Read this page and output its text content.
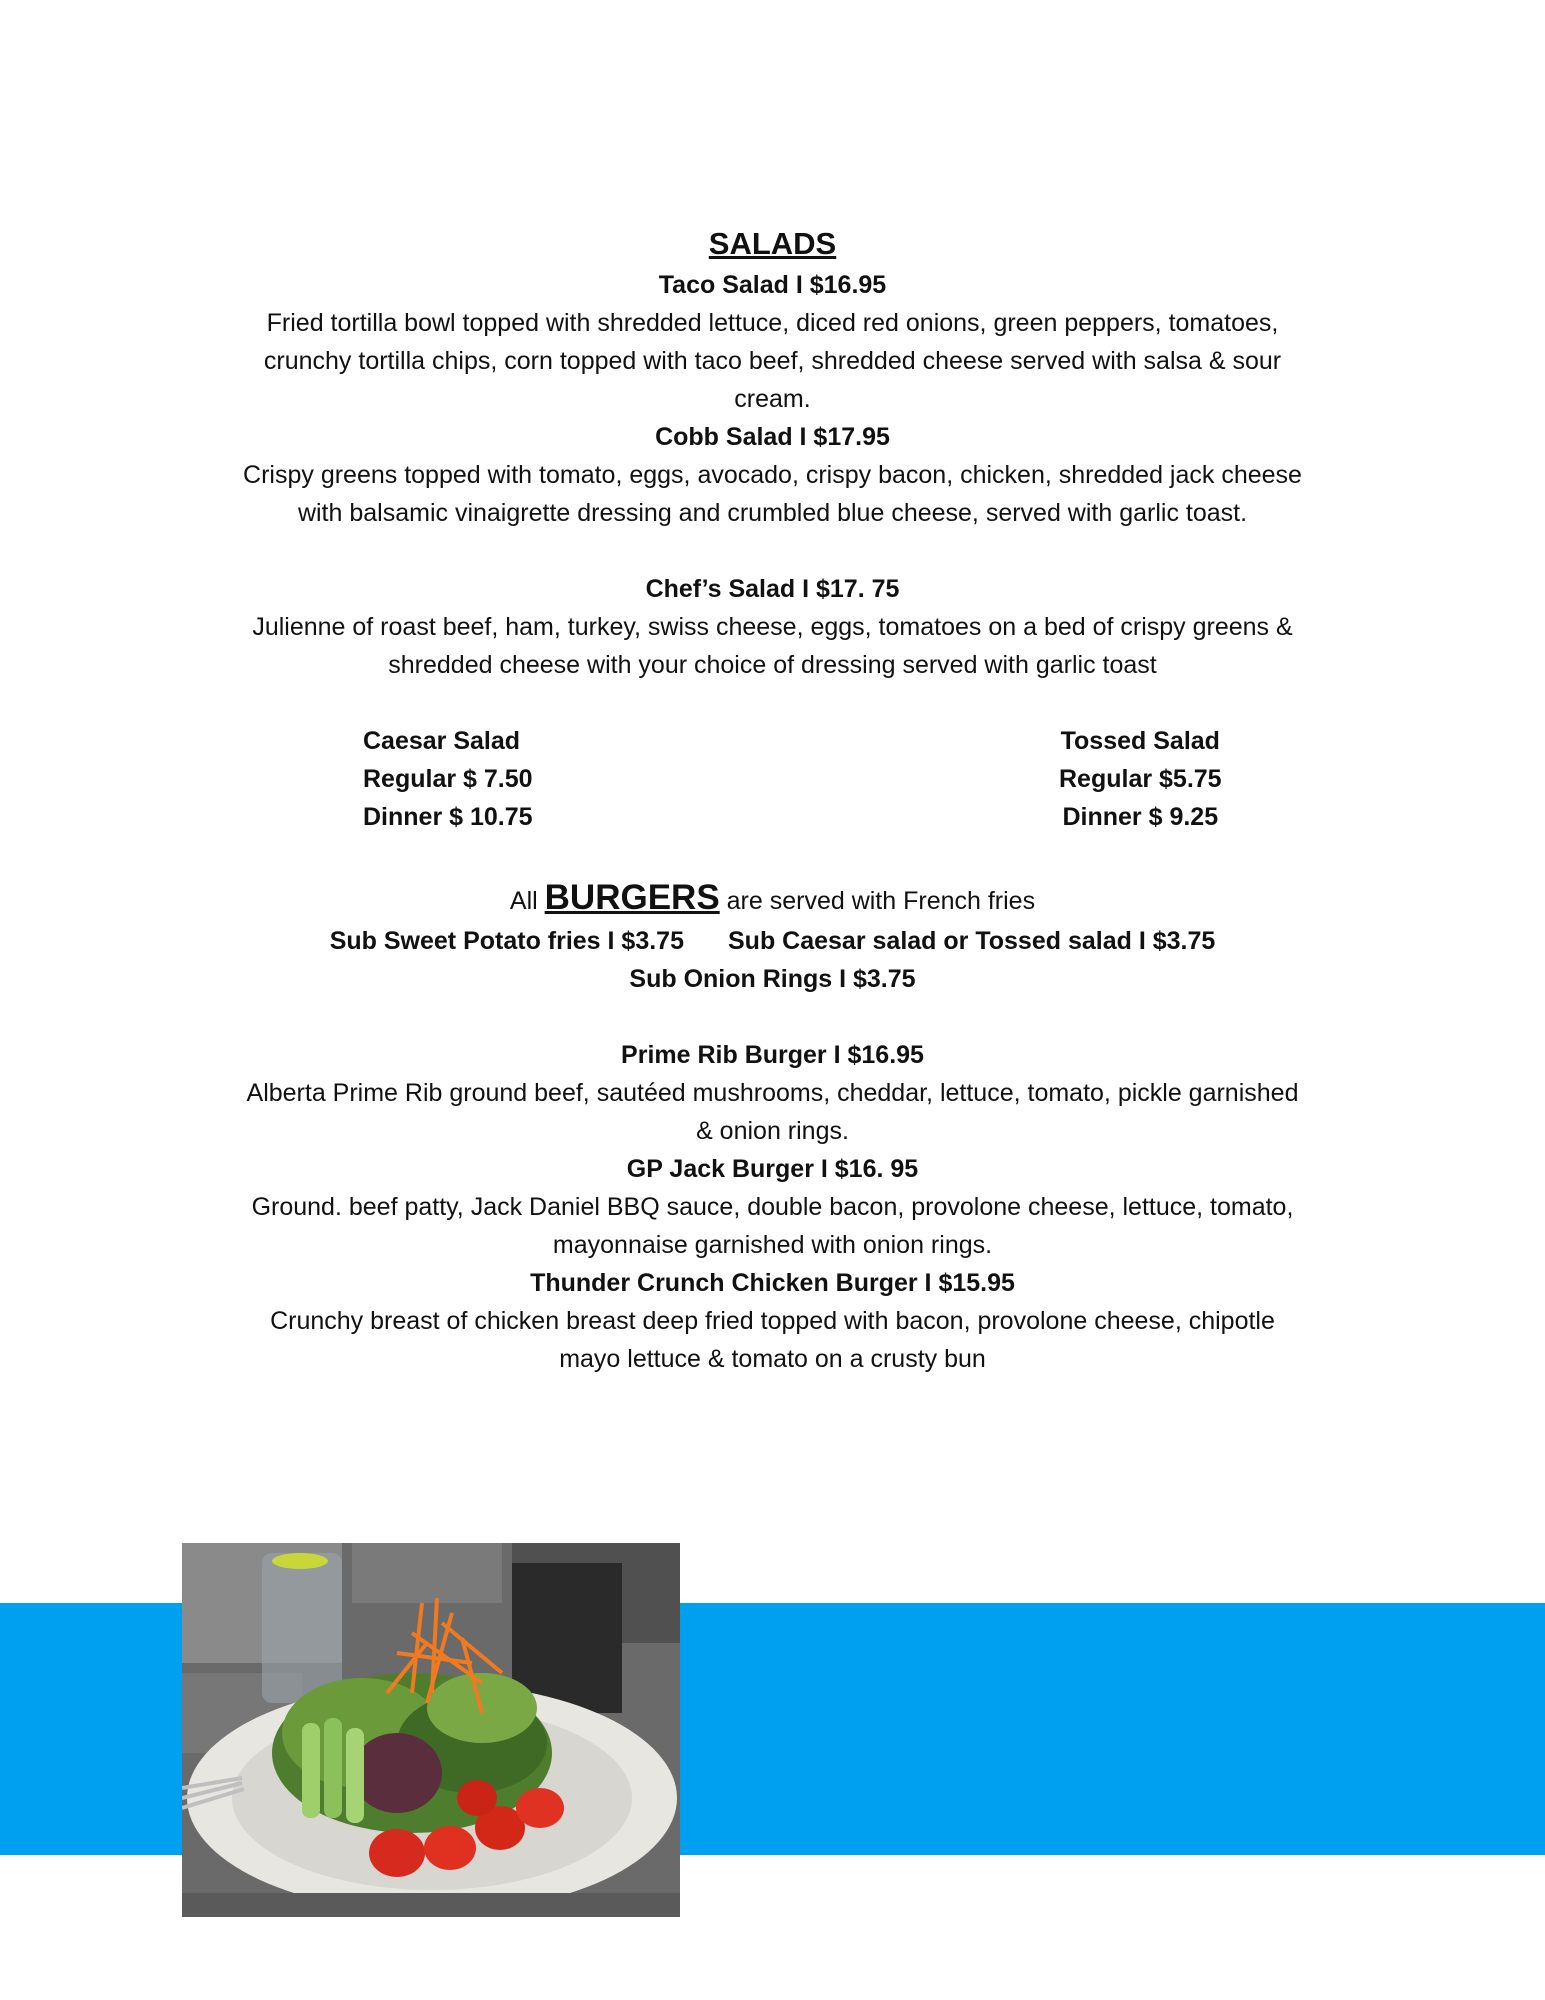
SALADS
Taco Salad I $16.95
Fried tortilla bowl topped with shredded lettuce, diced red onions, green peppers, tomatoes,
crunchy tortilla chips, corn topped with taco beef, shredded cheese served with salsa & sour
cream.
Cobb Salad I $17.95
Crispy greens topped with tomato, eggs, avocado, crispy bacon, chicken, shredded jack cheese
with balsamic vinaigrette dressing and crumbled blue cheese, served with garlic toast.
Chef’s Salad I $17. 75
Julienne of roast beef, ham, turkey, swiss cheese, eggs, tomatoes on a bed of crispy greens &
shredded cheese with your choice of dressing served with garlic toast
Caesar Salad
Regular $ 7.50
Dinner $ 10.75
Tossed Salad
Regular $5.75
Dinner $ 9.25
All BURGERS are served with French fries
Sub Sweet Potato fries I $3.75 Sub Caesar salad or Tossed salad I $3.75
Sub Onion Rings I $3.75
Prime Rib Burger I $16.95
Alberta Prime Rib ground beef, sautéed mushrooms, cheddar, lettuce, tomato, pickle garnished
& onion rings.
GP Jack Burger I $16. 95
Ground. beef patty, Jack Daniel BBQ sauce, double bacon, provolone cheese, lettuce, tomato,
mayonnaise garnished with onion rings.
Thunder Crunch Chicken Burger I $15.95
Crunchy breast of chicken breast deep fried topped with bacon, provolone cheese, chipotle
mayo lettuce & tomato on a crusty bun
